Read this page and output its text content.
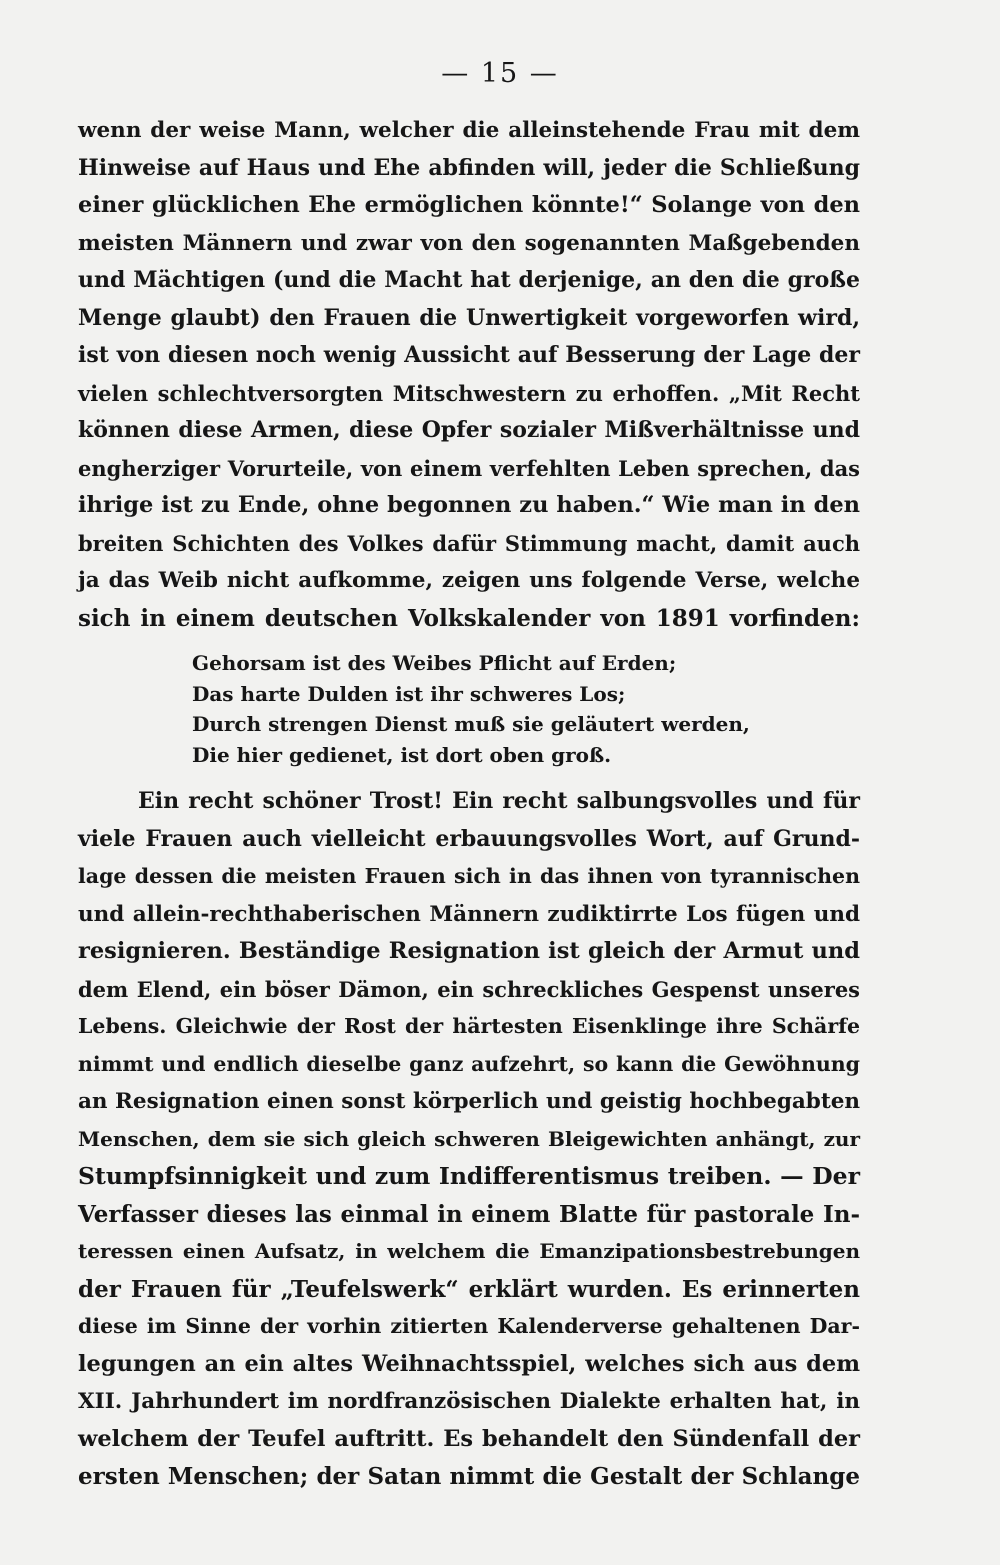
— 15 —
wenn der weise Mann, welcher die alleinstehende Frau mit dem
Hinweise auf Haus und Ehe abfinden will, jeder die Schließung
einer glücklichen Ehe ermöglichen könnte!“ Solange von den
meisten Männern und zwar von den sogenannten Maßgebenden
und Mächtigen (und die Macht hat derjenige, an den die große
Menge glaubt) den Frauen die Unwertigkeit vorgeworfen wird,
ist von diesen noch wenig Aussicht auf Besserung der Lage der
vielen schlechtversorgten Mitschwestern zu erhoffen. „Mit Recht
können diese Armen, diese Opfer sozialer Mißverhältnisse und
engherziger Vorurteile, von einem verfehlten Leben sprechen, das
ihrige ist zu Ende, ohne begonnen zu haben.“ Wie man in den
breiten Schichten des Volkes dafür Stimmung macht, damit auch
ja das Weib nicht aufkomme, zeigen uns folgende Verse, welche
sich in einem deutschen Volkskalender von 1891 vorfinden:
Gehorsam ist des Weibes Pflicht auf Erden;
Das harte Dulden ist ihr schweres Los;
Durch strengen Dienst muß sie geläutert werden,
Die hier gedienet, ist dort oben groß.
Ein recht schöner Trost! Ein recht salbungsvolles und für
viele Frauen auch vielleicht erbauungsvolles Wort, auf Grund-
lage dessen die meisten Frauen sich in das ihnen von tyrannischen
und allein-rechthaberischen Männern zudiktirrte Los fügen und
resignieren. Beständige Resignation ist gleich der Armut und
dem Elend, ein böser Dämon, ein schreckliches Gespenst unseres
Lebens. Gleichwie der Rost der härtesten Eisenklinge ihre Schärfe
nimmt und endlich dieselbe ganz aufzehrt, so kann die Gewöhnung
an Resignation einen sonst körperlich und geistig hochbegabten
Menschen, dem sie sich gleich schweren Bleigewichten anhängt, zur
Stumpfsinnigkeit und zum Indifferentismus treiben. — Der
Verfasser dieses las einmal in einem Blatte für pastorale In-
teressen einen Aufsatz, in welchem die Emanzipationsbestrebungen
der Frauen für „Teufelswerk“ erklärt wurden. Es erinnerten
diese im Sinne der vorhin zitierten Kalenderverse gehaltenen Dar-
legungen an ein altes Weihnachtsspiel, welches sich aus dem
XII. Jahrhundert im nordfranzösischen Dialekte erhalten hat, in
welchem der Teufel auftritt. Es behandelt den Sündenfall der
ersten Menschen; der Satan nimmt die Gestalt der Schlange
